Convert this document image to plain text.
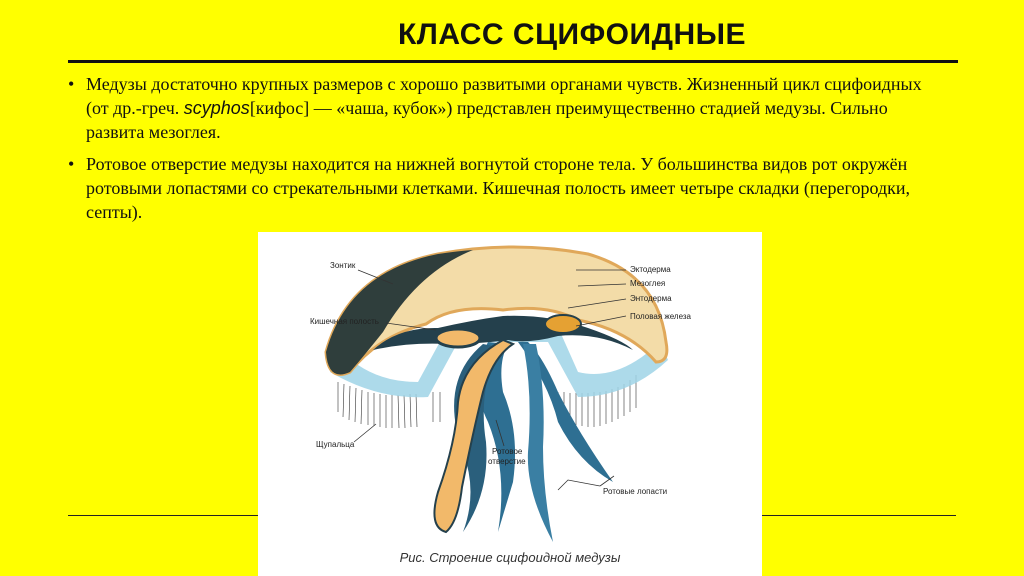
КЛАСС СЦИФОИДНЫЕ
• Медузы достаточно крупных размеров с хорошо развитыми органами чувств. Жизненный цикл сцифоидных (от др.-греч. scyphos[кифос] — «чаша, кубок») представлен преимущественно стадией медузы. Сильно развита мезоглея.
• Ротовое отверстие медузы находится на нижней вогнутой стороне тела. У большинства видов рот окружён ротовыми лопастями со стрекательными клетками. Кишечная полость имеет четыре складки (перегородки, септы).
Зонтик
Кишечная полость
Щупальца
Ротовое
отверстие
Эктодерма
Мезоглея
Энтодерма
Половая железа
Ротовые лопасти
Рис. Строение сцифоидной медузы
